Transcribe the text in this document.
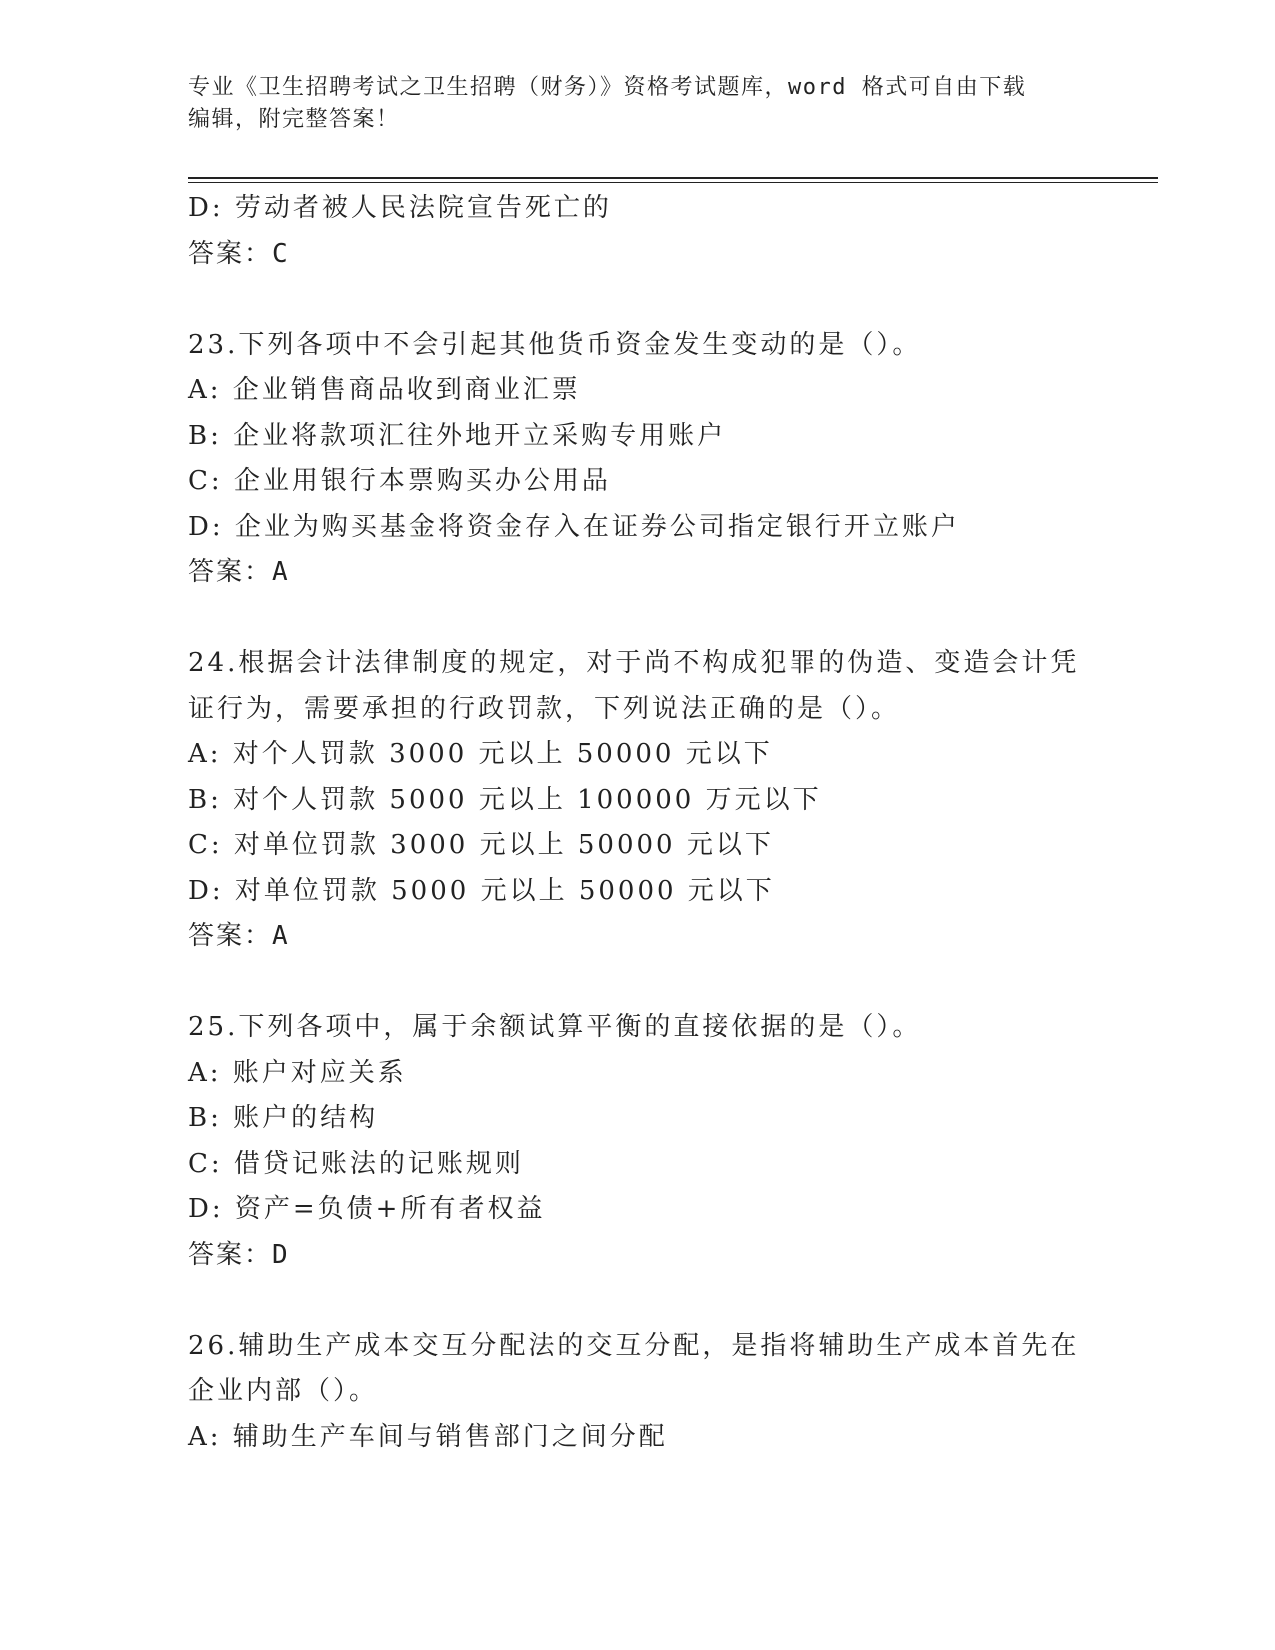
专业《卫生招聘考试之卫生招聘（财务）》资格考试题库，word 格式可自由下载
编辑，附完整答案！
D: 劳动者被人民法院宣告死亡的
答案：C
23.下列各项中不会引起其他货币资金发生变动的是（）。
A: 企业销售商品收到商业汇票
B: 企业将款项汇往外地开立采购专用账户
C: 企业用银行本票购买办公用品
D: 企业为购买基金将资金存入在证券公司指定银行开立账户
答案：A
24.根据会计法律制度的规定，对于尚不构成犯罪的伪造、变造会计凭
证行为，需要承担的行政罚款，下列说法正确的是（）。
A: 对个人罚款 3000 元以上 50000 元以下
B: 对个人罚款 5000 元以上 100000 万元以下
C: 对单位罚款 3000 元以上 50000 元以下
D: 对单位罚款 5000 元以上 50000 元以下
答案：A
25.下列各项中，属于余额试算平衡的直接依据的是（）。
A: 账户对应关系
B: 账户的结构
C: 借贷记账法的记账规则
D: 资产=负债+所有者权益
答案：D
26.辅助生产成本交互分配法的交互分配，是指将辅助生产成本首先在
企业内部（）。
A: 辅助生产车间与销售部门之间分配
